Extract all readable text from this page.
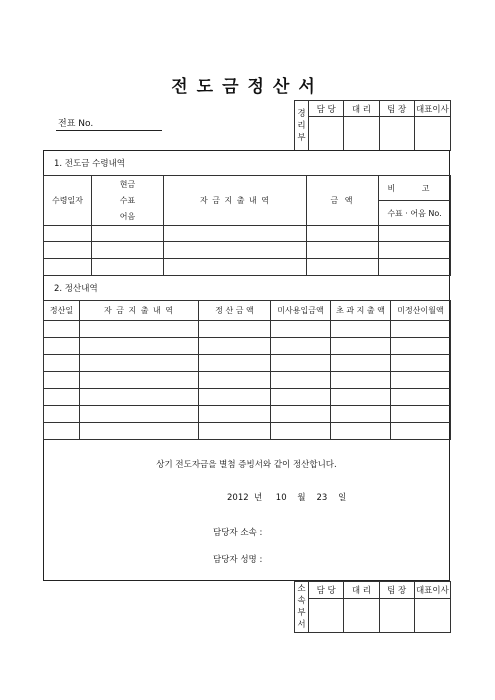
전도금정산서
전표 No.
경
리
부	담 당	대 리	팀 장	대표이사

1. 전도금 수령내역
수령일자	현금
수표
어음	자 금 지 출 내 역	금 액	비 고
				수표 · 어음 No.

2. 정산내역
정산일	자 금 지 출 내 역	정 산 금 액	미사용입금액	초 과 지 출 액	미정산이월액

상기 전도자금을 별첨 증빙서와 같이 정산합니다.
2012 년 10 월 23 일
담당자 소속 :
담당자 성명 :
소
속
부
서	담 당	대 리	팀 장	대표이사
